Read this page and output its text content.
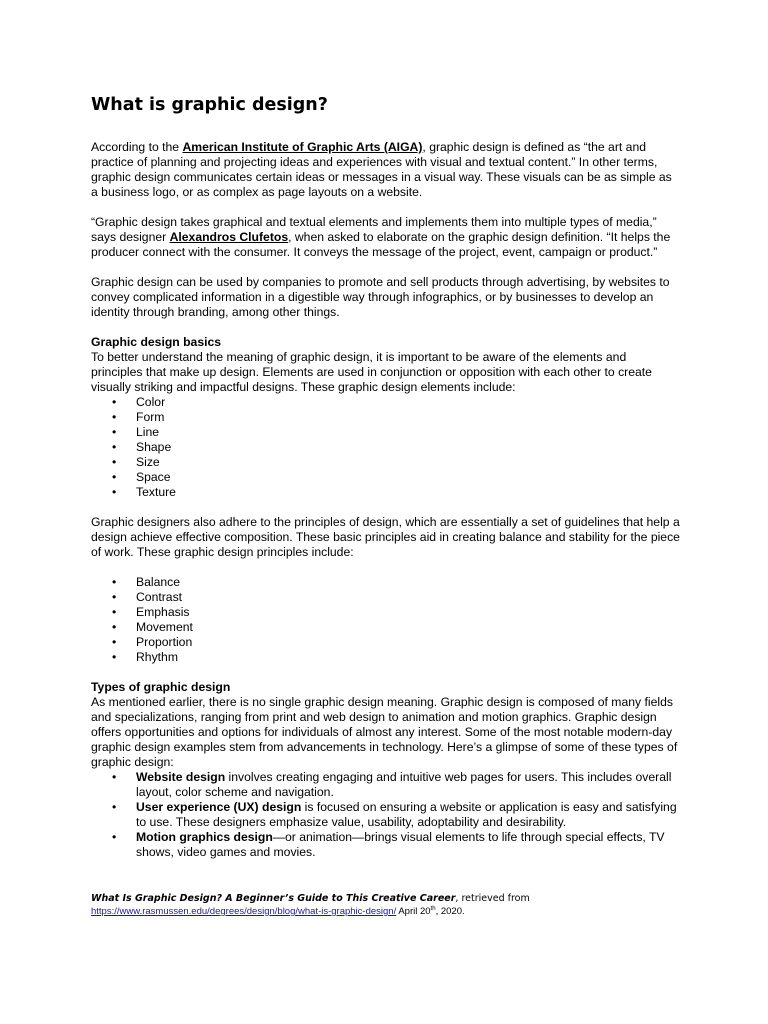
What is graphic design?

According to the American Institute of Graphic Arts (AIGA), graphic design is defined as “the art and practice of planning and projecting ideas and experiences with visual and textual content.” In other terms, graphic design communicates certain ideas or messages in a visual way. These visuals can be as simple as a business logo, or as complex as page layouts on a website.

“Graphic design takes graphical and textual elements and implements them into multiple types of media,” says designer Alexandros Clufetos, when asked to elaborate on the graphic design definition. “It helps the producer connect with the consumer. It conveys the message of the project, event, campaign or product.”

Graphic design can be used by companies to promote and sell products through advertising, by websites to convey complicated information in a digestible way through infographics, or by businesses to develop an identity through branding, among other things.

Graphic design basics

To better understand the meaning of graphic design, it is important to be aware of the elements and principles that make up design. Elements are used in conjunction or opposition with each other to create visually striking and impactful designs. These graphic design elements include:

• Color
• Form
• Line
• Shape
• Size
• Space
• Texture

Graphic designers also adhere to the principles of design, which are essentially a set of guidelines that help a design achieve effective composition. These basic principles aid in creating balance and stability for the piece of work. These graphic design principles include:

• Balance
• Contrast
• Emphasis
• Movement
• Proportion
• Rhythm

Types of graphic design

As mentioned earlier, there is no single graphic design meaning. Graphic design is composed of many fields and specializations, ranging from print and web design to animation and motion graphics. Graphic design offers opportunities and options for individuals of almost any interest. Some of the most notable modern-day graphic design examples stem from advancements in technology. Here’s a glimpse of some of these types of graphic design:

• Website design involves creating engaging and intuitive web pages for users. This includes overall layout, color scheme and navigation.
• User experience (UX) design is focused on ensuring a website or application is easy and satisfying to use. These designers emphasize value, usability, adoptability and desirability.
• Motion graphics design—or animation—brings visual elements to life through special effects, TV shows, video games and movies.
What Is Graphic Design? A Beginner’s Guide to This Creative Career, retrieved from
https://www.rasmussen.edu/degrees/design/blog/what-is-graphic-design/ April 20th, 2020.
